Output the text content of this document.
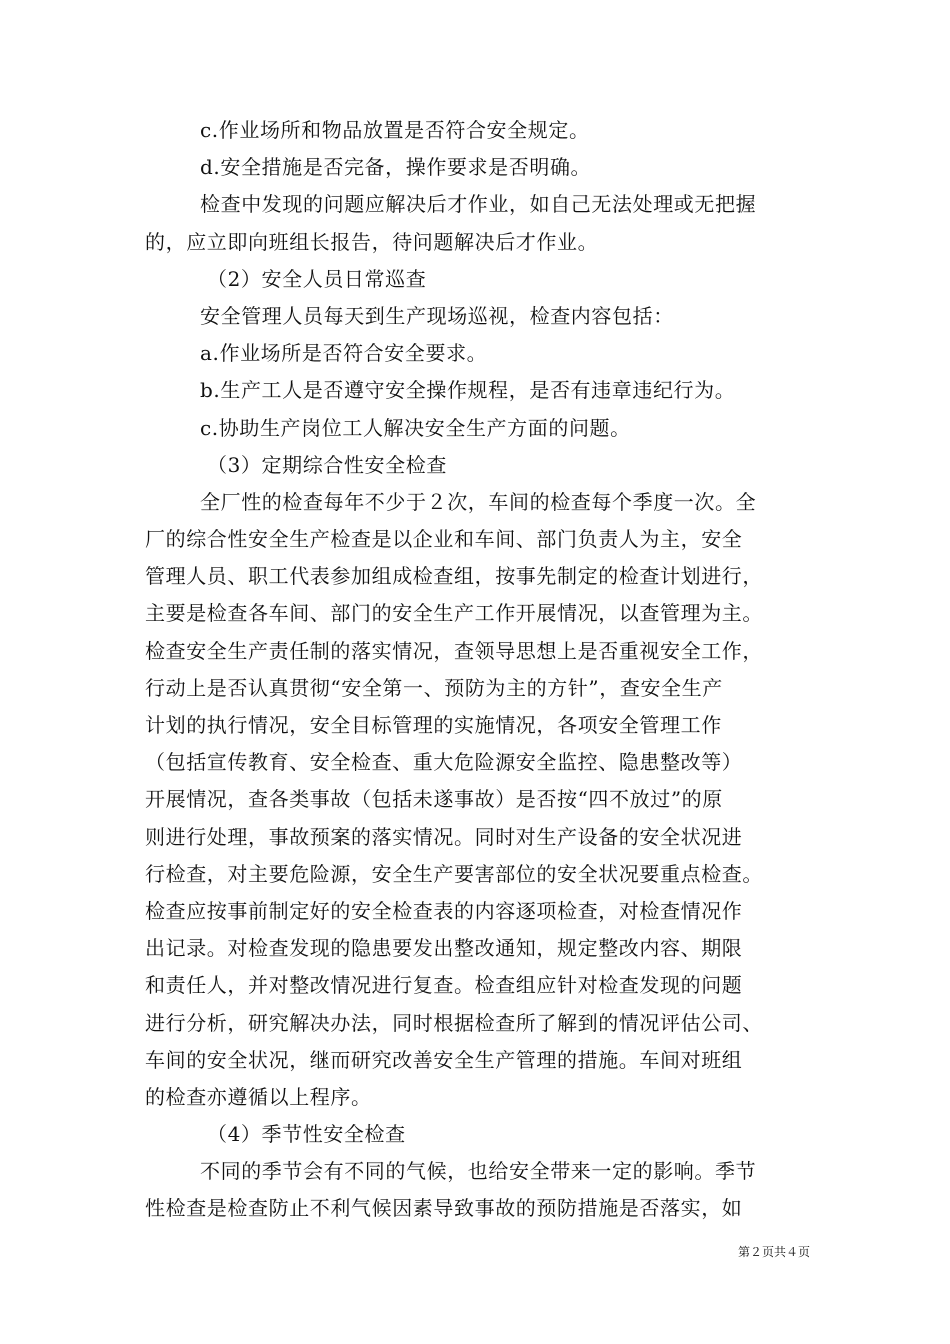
c.作业场所和物品放置是否符合安全规定。
d.安全措施是否完备，操作要求是否明确。
检查中发现的问题应解决后才作业，如自己无法处理或无把握
的，应立即向班组长报告，待问题解决后才作业。
（2）安全人员日常巡查
安全管理人员每天到生产现场巡视，检查内容包括：
a.作业场所是否符合安全要求。
b.生产工人是否遵守安全操作规程，是否有违章违纪行为。
c.协助生产岗位工人解决安全生产方面的问题。
（3）定期综合性安全检查
全厂性的检查每年不少于２次，车间的检查每个季度一次。全
厂的综合性安全生产检查是以企业和车间、部门负责人为主，安全
管理人员、职工代表参加组成检查组，按事先制定的检查计划进行，
主要是检查各车间、部门的安全生产工作开展情况，以查管理为主。
检查安全生产责任制的落实情况，查领导思想上是否重视安全工作，
行动上是否认真贯彻“安全第一、预防为主的方针”，查安全生产
计划的执行情况，安全目标管理的实施情况，各项安全管理工作
（包括宣传教育、安全检查、重大危险源安全监控、隐患整改等）
开展情况，查各类事故（包括未遂事故）是否按“四不放过”的原
则进行处理，事故预案的落实情况。同时对生产设备的安全状况进
行检查，对主要危险源，安全生产要害部位的安全状况要重点检查。
检查应按事前制定好的安全检查表的内容逐项检查，对检查情况作
出记录。对检查发现的隐患要发出整改通知，规定整改内容、期限
和责任人，并对整改情况进行复查。检查组应针对检查发现的问题
进行分析，研究解决办法，同时根据检查所了解到的情况评估公司、
车间的安全状况，继而研究改善安全生产管理的措施。车间对班组
的检查亦遵循以上程序。
（4）季节性安全检查
不同的季节会有不同的气候，也给安全带来一定的影响。季节
性检查是检查防止不利气候因素导致事故的预防措施是否落实，如
第２页共４页
